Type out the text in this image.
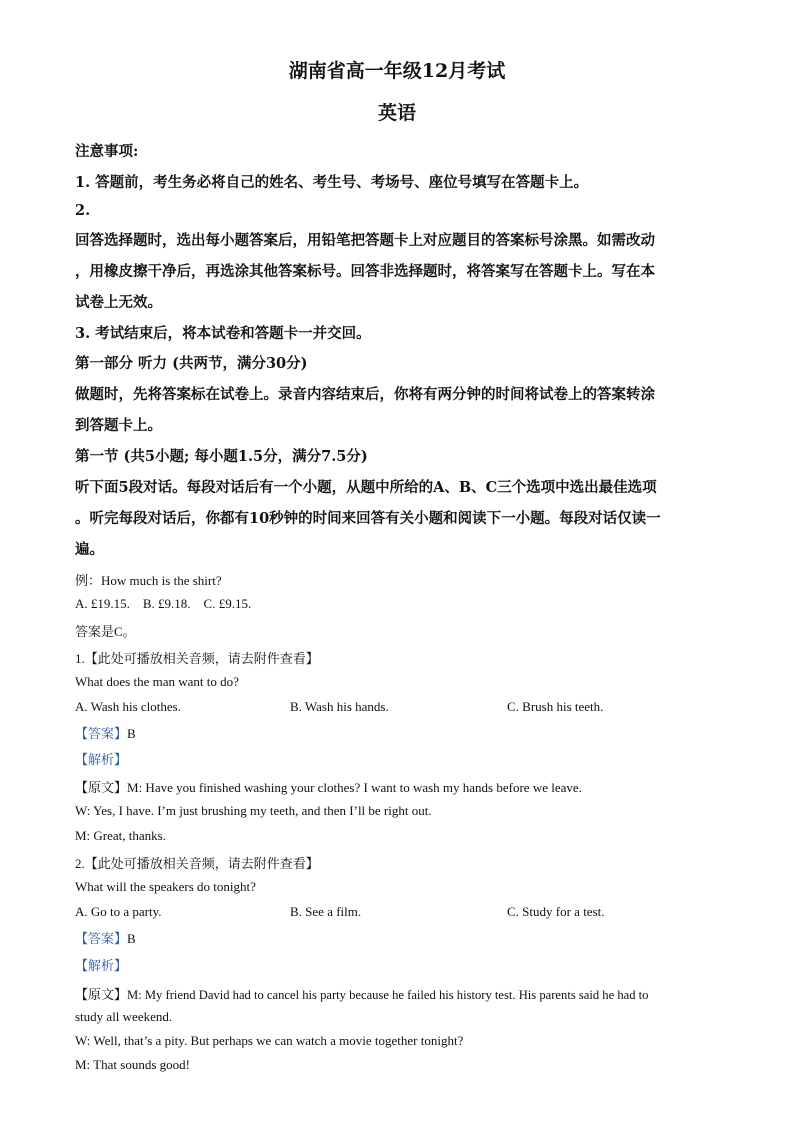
湖南省高一年级12月考试
英语
注意事项:
1. 答题前，考生务必将自己的姓名、考生号、考场号、座位号填写在答题卡上。
2.
回答选择题时，选出每小题答案后，用铅笔把答题卡上对应题目的答案标号涂黑。如需改动
，用橡皮擦干净后，再选涂其他答案标号。回答非选择题时，将答案写在答题卡上。写在本
试卷上无效。
3. 考试结束后，将本试卷和答题卡一并交回。
第一部分 听力 (共两节，满分30分)
做题时，先将答案标在试卷上。录音内容结束后，你将有两分钟的时间将试卷上的答案转涂
到答题卡上。
第一节 (共5小题; 每小题1.5分，满分7.5分)
听下面5段对话。每段对话后有一个小题，从题中所给的A、B、C三个选项中选出最佳选项
。听完每段对话后，你都有10秒钟的时间来回答有关小题和阅读下一小题。每段对话仅读一
遍。
例：How much is the shirt?
A. £19.15.    B. £9.18.    C. £9.15.
答案是C。
1.【此处可播放相关音频，请去附件查看】
What does the man want to do?
A. Wash his clothes.	B. Wash his hands.	C. Brush his teeth.
【答案】B
【解析】
【原文】M: Have you finished washing your clothes? I want to wash my hands before we leave.
W: Yes, I have. I’m just brushing my teeth, and then I’ll be right out.
M: Great, thanks.
2.【此处可播放相关音频，请去附件查看】
What will the speakers do tonight?
A. Go to a party.	B. See a film.	C. Study for a test.
【答案】B
【解析】
【原文】M: My friend David had to cancel his party because he failed his history test. His parents said he had to
study all weekend.
W: Well, that’s a pity. But perhaps we can watch a movie together tonight?
M: That sounds good!
